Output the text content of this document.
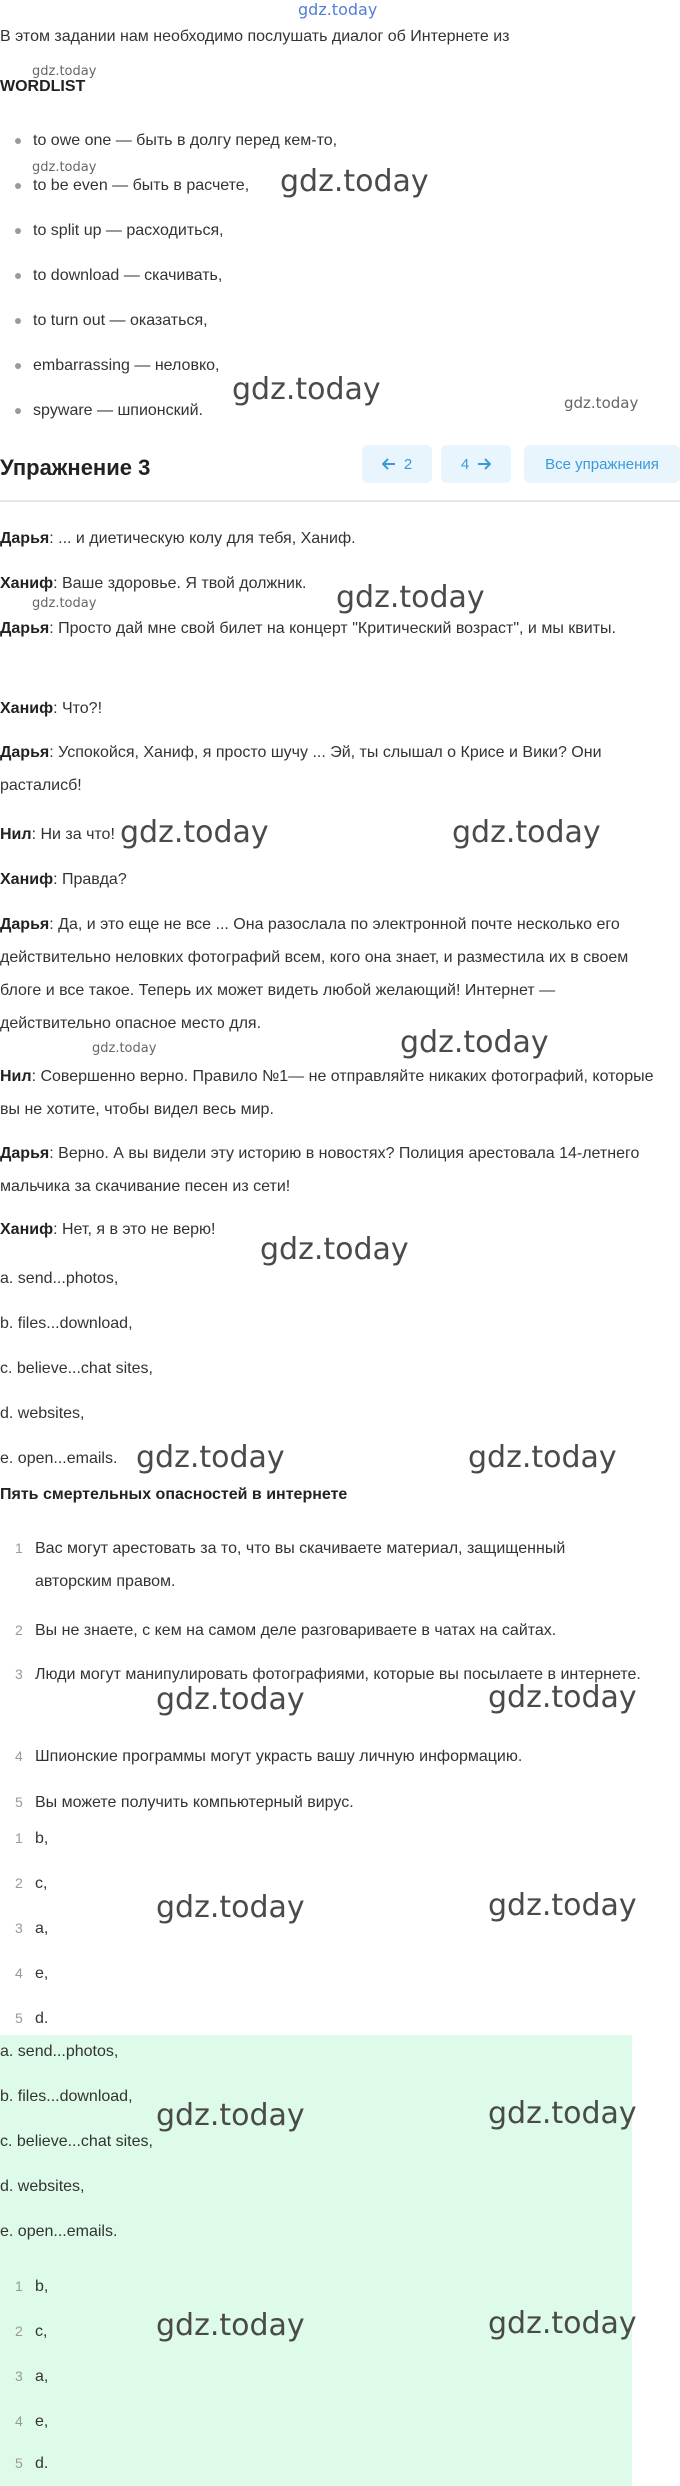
gdz.today
В этом задании нам необходимо послушать диалог об Интернете из
gdz.today
WORDLIST
gdz.today
to owe one — быть в долгу перед кем-то,
to be even — быть в расчете,
to split up — расходиться,
to download — скачивать,
to turn out — оказаться,
embarrassing — неловко,
spyware — шпионский.
gdz.today
gdz.today	gdz.today
Упражнение 3	2	4	Все упражнения
Дарья: ... и диетическую колу для тебя, Ханиф.
Ханиф: Ваше здоровье. Я твой должник.
Дарья: Просто дай мне свой билет на концерт "Критический возраст", и мы квиты.
Ханиф: Что?!
Дарья: Успокойся, Ханиф, я просто шучу ... Эй, ты слышал о Крисе и Вики? Они расталисб!
Нил: Ни за что!
Ханиф: Правда?
Дарья: Да, и это еще не все ... Она разослала по электронной почте несколько его действительно неловких фотографий всем, кого она знает, и разместила их в своем блоге и все такое. Теперь их может видеть любой желающий! Интернет — действительно опасное место для.
Нил: Совершенно верно. Правило №1— не отправляйте никаких фотографий, которые вы не хотите, чтобы видел весь мир.
Дарья: Верно. А вы видели эту историю в новостях? Полиция арестовала 14-летнего мальчика за скачивание песен из сети!
Ханиф: Нет, я в это не верю!
gdz.today	gdz.today
gdz.today	gdz.today
gdz.today	gdz.today
gdz.today
a. send...photos,
b. files...download,
c. believe...chat sites,
d. websites,
e. open...emails. gdz.today	gdz.today
Пять смертельных опасностей в интернете
1 Вас могут арестовать за то, что вы скачиваете материал, защищенный авторским правом.
2 Вы не знаете, с кем на самом деле разговариваете в чатах на сайтах.
3 Люди могут манипулировать фотографиями, которые вы посылаете в интернете.
4 Шпионские программы могут украсть вашу личную информацию.
5 Вы можете получить компьютерный вирус.
gdz.today	gdz.today
1 b,
2 c,
3 a,
4 e,
5 d.
gdz.today	gdz.today
a. send...photos,
b. files...download,
c. believe...chat sites,
d. websites,
e. open...emails.
gdz.today	gdz.today
1 b,
2 c,
3 a,
4 e,
5 d.
gdz.today	gdz.today
